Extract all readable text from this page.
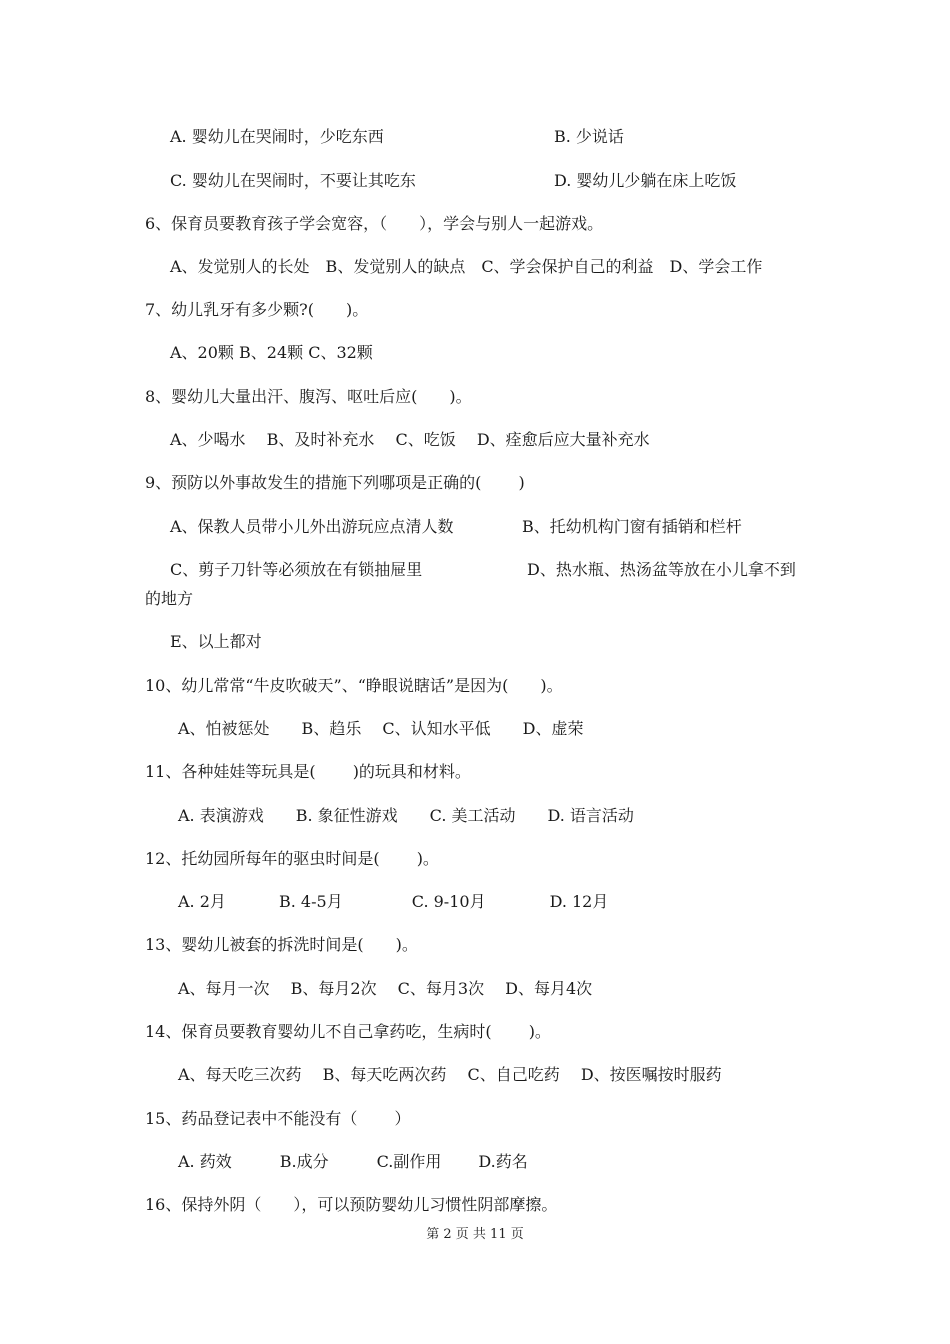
A. 婴幼儿在哭闹时，少吃东西	B. 少说话
C. 婴幼儿在哭闹时，不要让其吃东	D. 婴幼儿少躺在床上吃饭
6、保育员要教育孩子学会宽容，（　　），学会与别人一起游戏。
A、发觉别人的长处　B、发觉别人的缺点　C、学会保护自己的利益　D、学会工作
7、幼儿乳牙有多少颗?(　　)。
A、20颗 B、24颗 C、32颗
8、婴幼儿大量出汗、腹泻、呕吐后应(　　)。
A、少喝水　 B、及时补充水　 C、吃饭　 D、痊愈后应大量补充水
9、预防以外事故发生的措施下列哪项是正确的(　　 )
A、保教人员带小儿外出游玩应点清人数	B、托幼机构门窗有插销和栏杆
C、剪子刀针等必须放在有锁抽屉里	D、热水瓶、热汤盆等放在小儿拿不到
的地方
E、以上都对
10、幼儿常常“牛皮吹破天”、“睁眼说瞎话”是因为(　　)。
A、怕被惩处　　B、趋乐　 C、认知水平低　　D、虚荣
11、各种娃娃等玩具是(　　 )的玩具和材料。
A. 表演游戏　　B. 象征性游戏　　C. 美工活动　　D. 语言活动
12、托幼园所每年的驱虫时间是(　　 )。
A. 2月　　　 B. 4-5月　　　　 C. 9-10月　　　　D. 12月
13、婴幼儿被套的拆洗时间是(　　)。
A、每月一次　 B、每月2次　 C、每月3次　 D、每月4次
14、保育员要教育婴幼儿不自己拿药吃，生病时(　　 )。
A、每天吃三次药　 B、每天吃两次药　 C、自己吃药　 D、按医嘱按时服药
15、药品登记表中不能没有（　　 ）
A. 药效　　　B.成分　　　C.副作用　　 D.药名
16、保持外阴（　　），可以预防婴幼儿习惯性阴部摩擦。
第 2 页 共 11 页
